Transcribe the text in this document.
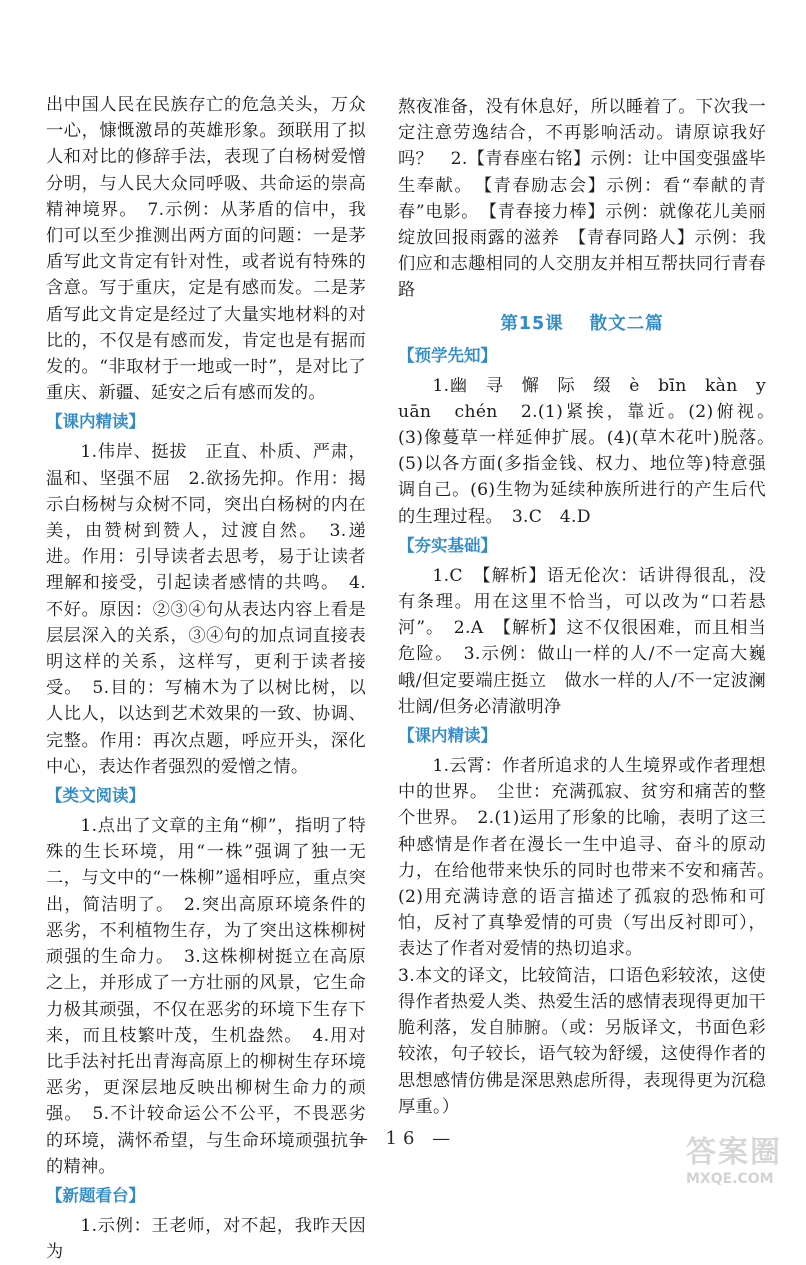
出中国人民在民族存亡的危急关头，万众一心，慷慨激昂的英雄形象。颈联用了拟人和对比的修辞手法，表现了白杨树爱憎分明，与人民大众同呼吸、共命运的崇高精神境界。　7.示例：从茅盾的信中，我们可以至少推测出两方面的问题：一是茅盾写此文肯定有针对性，或者说有特殊的含意。写于重庆，定是有感而发。二是茅盾写此文肯定是经过了大量实地材料的对比的，不仅是有感而发，肯定也是有据而发的。“非取材于一地或一时”，是对比了重庆、新疆、延安之后有感而发的。

【课内精读】

1.伟岸、挺拔　正直、朴质、严肃，温和、坚强不屈　2.欲扬先抑。作用：揭示白杨树与众树不同，突出白杨树的内在美，由赞树到赞人，过渡自然。　3.递进。作用：引导读者去思考，易于让读者理解和接受，引起读者感情的共鸣。　4.不好。原因：②③④句从表达内容上看是层层深入的关系，③④句的加点词直接表明这样的关系，这样写，更利于读者接受。　5.目的：写楠木为了以树比树，以人比人，以达到艺术效果的一致、协调、完整。作用：再次点题，呼应开头，深化中心，表达作者强烈的爱憎之情。

【类文阅读】

1.点出了文章的主角“柳”，指明了特殊的生长环境，用“一株”强调了独一无二，与文中的“一株柳”遥相呼应，重点突出，简洁明了。　2.突出高原环境条件的恶劣，不利植物生存，为了突出这株柳树顽强的生命力。　3.这株柳树挺立在高原之上，并形成了一方壮丽的风景，它生命力极其顽强，不仅在恶劣的环境下生存下来，而且枝繁叶茂，生机盎然。　4.用对比手法衬托出青海高原上的柳树生存环境恶劣，更深层地反映出柳树生命力的顽强。　5.不计较命运公不公平，不畏恶劣的环境，满怀希望，与生命环境顽强抗争的精神。

【新题看台】

1.示例：王老师，对不起，我昨天因为

熬夜准备，没有休息好，所以睡着了。下次我一定注意劳逸结合，不再影响活动。请原谅我好吗？　2.【青春座右铭】示例：让中国变强盛毕生奉献。　【青春励志会】示例：看“奉献的青春”电影。　【青春接力棒】示例：就像花儿美丽绽放回报雨露的滋养　【青春同路人】示例：我们应和志趣相同的人交朋友并相互帮扶同行青春路

第15课 散文二篇
【预学先知】

1.幽　寻　懈　际　缀　è　bīn　kàn　yuān　chén　2.(1)紧挨，靠近。(2)俯视。　(3)像蔓草一样延伸扩展。(4)(草木花叶)脱落。　(5)以各方面(多指金钱、权力、地位等)特意强调自己。(6)生物为延续种族所进行的产生后代的生理过程。　3.C　4.D

【夯实基础】

1.C　【解析】语无伦次：话讲得很乱，没有条理。用在这里不恰当，可以改为“口若悬河”。　2.A　【解析】这不仅很困难，而且相当危险。　3.示例：做山一样的人/不一定高大巍峨/但定要端庄挺立　做水一样的人/不一定波澜壮阔/但务必清澈明净

【课内精读】

1.云霄：作者所追求的人生境界或作者理想中的世界。　尘世：充满孤寂、贫穷和痛苦的整个世界。　2.(1)运用了形象的比喻，表明了这三种感情是作者在漫长一生中追寻、奋斗的原动力，在给他带来快乐的同时也带来不安和痛苦。　(2)用充满诗意的语言描述了孤寂的恐怖和可怕，反衬了真挚爱情的可贵（写出反衬即可），表达了作者对爱情的热切追求。

3.本文的译文，比较简洁，口语色彩较浓，这使得作者热爱人类、热爱生活的感情表现得更加干脆利落，发自肺腑。（或：另版译文，书面色彩较浓，句子较长，语气较为舒缓，这使得作者的思想感情仿佛是深思熟虑所得，表现得更为沉稳厚重。）

— 16 —	答案圈
MXQE.COM
